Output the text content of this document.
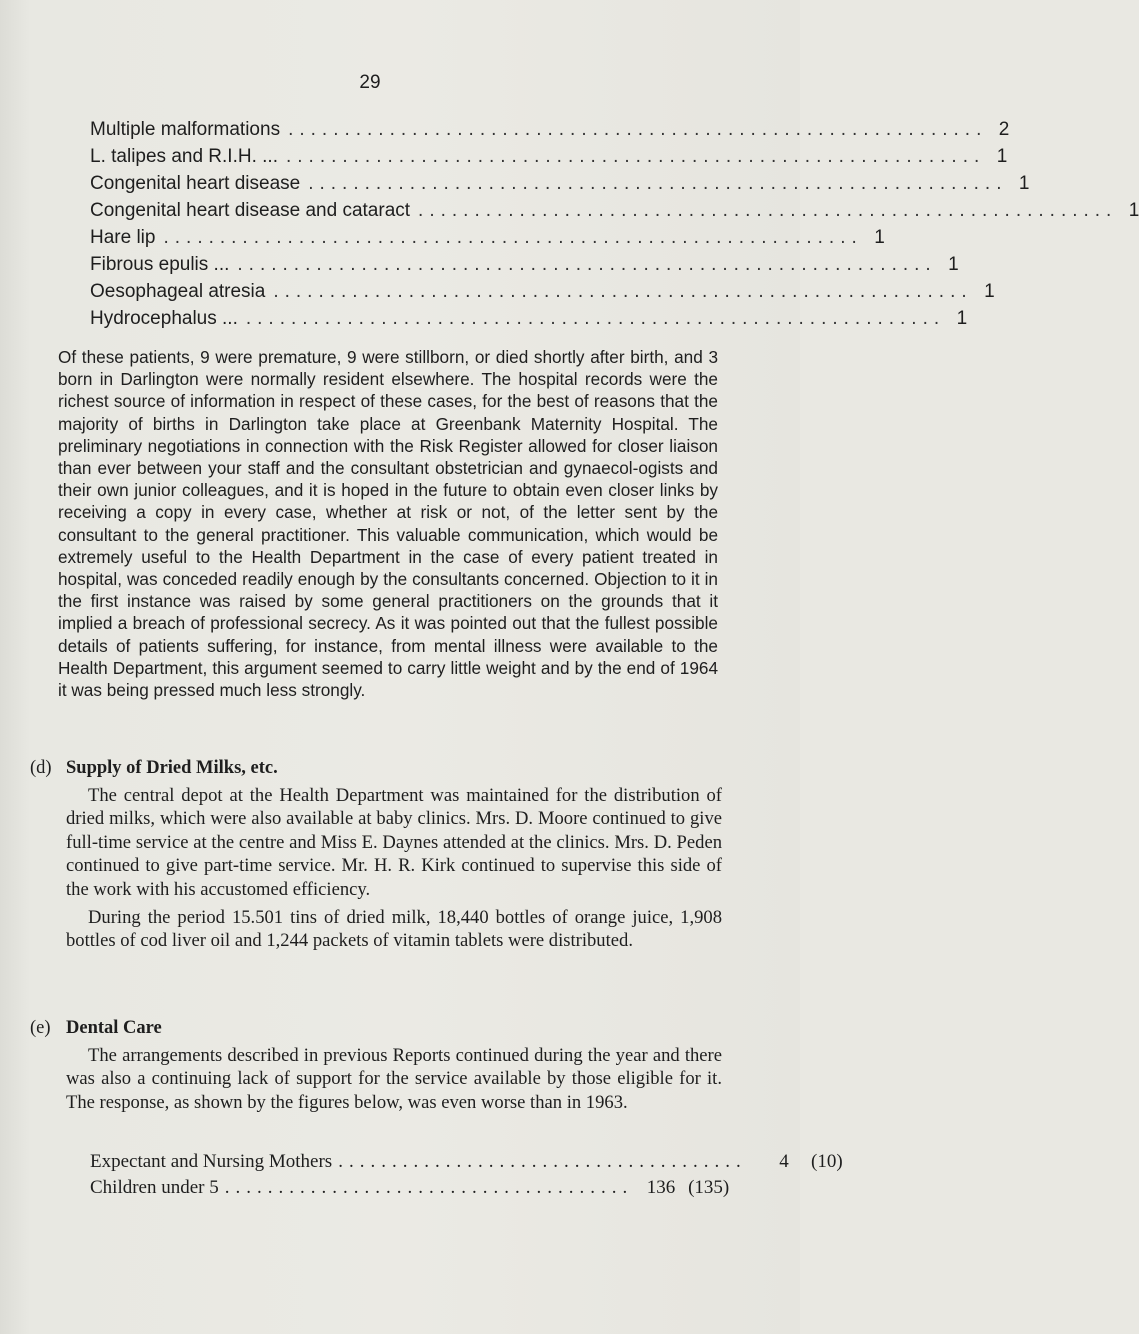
29
Multiple malformations .............................................................. 2
L. talipes and R.I.H. ... .............................................................. 1
Congenital heart disease .............................................................. 1
Congenital heart disease and cataract .............................................................. 1
Hare lip .............................................................. 1
Fibrous epulis ... .............................................................. 1
Oesophageal atresia .............................................................. 1
Hydrocephalus ... .............................................................. 1

Of these patients, 9 were premature, 9 were stillborn, or died shortly after birth, and 3 born in Darlington were normally resident elsewhere. The hospital records were the richest source of information in respect of these cases, for the best of reasons that the majority of births in Darlington take place at Greenbank Maternity Hospital. The preliminary negotiations in connection with the Risk Register allowed for closer liaison than ever between your staff and the consultant obstetrician and gynaecol-ogists and their own junior colleagues, and it is hoped in the future to obtain even closer links by receiving a copy in every case, whether at risk or not, of the letter sent by the consultant to the general practitioner. This valuable communication, which would be extremely useful to the Health Department in the case of every patient treated in hospital, was conceded readily enough by the consultants concerned. Objection to it in the first instance was raised by some general practitioners on the grounds that it implied a breach of professional secrecy. As it was pointed out that the fullest possible details of patients suffering, for instance, from mental illness were available to the Health Department, this argument seemed to carry little weight and by the end of 1964 it was being pressed much less strongly.

(d) Supply of Dried Milks, etc.

The central depot at the Health Department was maintained for the distribution of dried milks, which were also available at baby clinics. Mrs. D. Moore continued to give full-time service at the centre and Miss E. Daynes attended at the clinics. Mrs. D. Peden continued to give part-time service. Mr. H. R. Kirk continued to supervise this side of the work with his accustomed efficiency.

During the period 15.501 tins of dried milk, 18,440 bottles of orange juice, 1,908 bottles of cod liver oil and 1,244 packets of vitamin tablets were distributed.

(e) Dental Care

The arrangements described in previous Reports continued during the year and there was also a continuing lack of support for the service available by those eligible for it. The response, as shown by the figures below, was even worse than in 1963.

Expectant and Nursing Mothers ......................................	4	(10)
Children under 5 ...................................... 136 (135)
